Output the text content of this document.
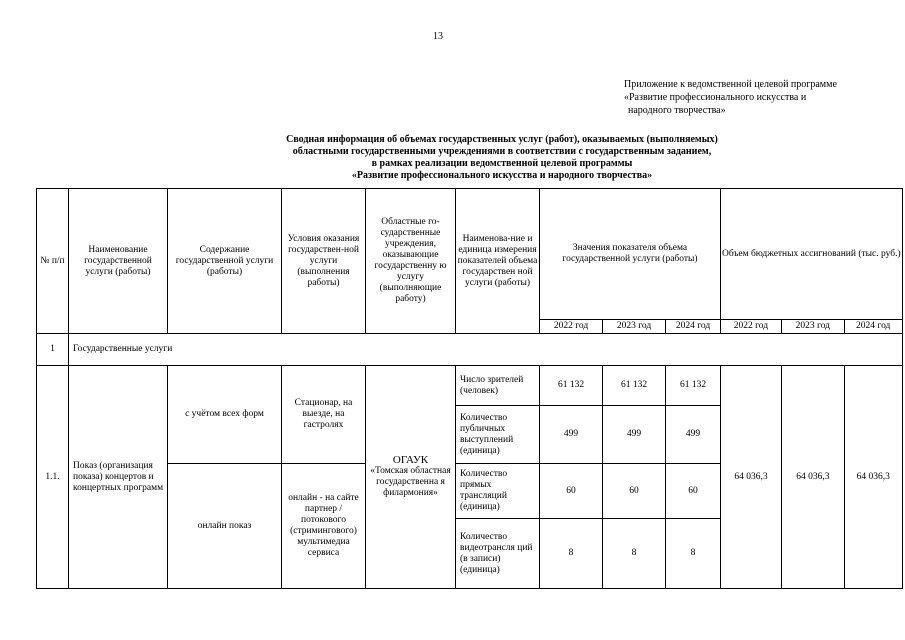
13
Приложение к ведомственной целевой программе
«Развитие профессионального искусства и
народного творчества»
Сводная информация об объемах государственных услуг (работ), оказываемых (выполняемых)
областными государственными учреждениями в соответствии с государственным заданием,
в рамках реализации ведомственной целевой программы
«Развитие профессионального искусства и народного творчества»
№ п/п	Наименование государственной услуги (работы)	Содержание государственной услуги (работы)	Условия оказания государствен-ной услуги (выполнения работы)	Областные го-сударственные учреждения, оказывающие государственну ю услугу (выполняющие работу)	Наименова-ние и единица измерения показателей объема государствен ной услуги (работы)	Значения показателя объема государственной услуги (работы)			Объем бюджетных ассигнований (тыс. руб.)		

						2022 год	2023 год	2024 год	2022 год	2023 год	2024 год
1	Государственные услуги										
1.1.	Показ (организация показа) концертов и концертных программ	с учётом всех форм	Стационар, на выезде, на гастролях	ОГАУК
«Томская областная государственна я филармония»	Число зрителей (человек)	61 132	61 132	61 132	64 036,3	64 036,3	64 036,3
					Количество публичных выступлений (единица)	499	499	499			
		онлайн показ	онлайн - на сайте партнер / потокового (стримингового) мультимедиа сервиса		Количество прямых трансляций (единица)	60	60	60			
					Количество видеотрансля ций (в записи) (единица)	8	8	8			
